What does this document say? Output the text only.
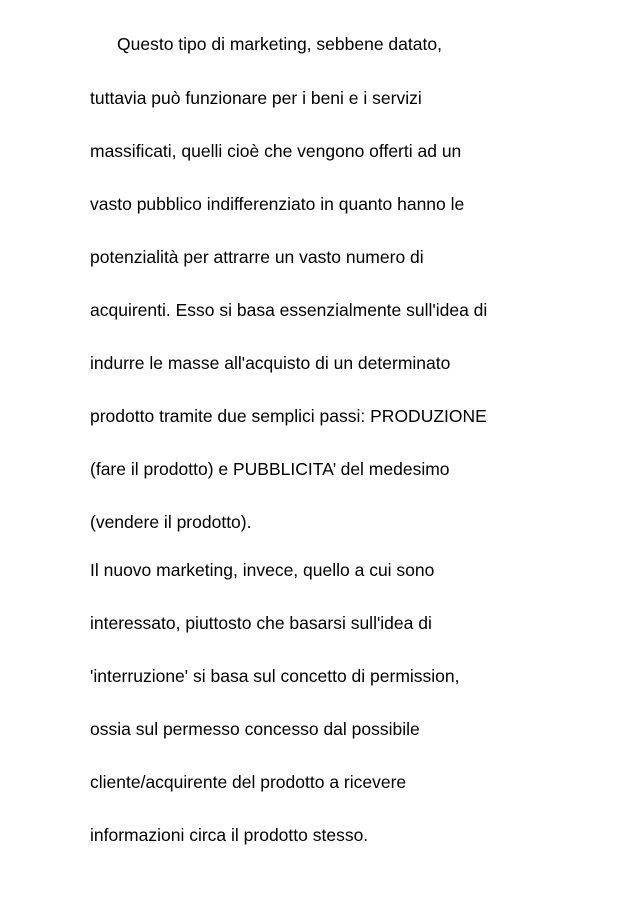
Questo tipo di marketing, sebbene datato,
tuttavia può funzionare per i beni e i servizi
massificati, quelli cioè che vengono offerti ad un
vasto pubblico indifferenziato in quanto hanno le
potenzialità per attrarre un vasto numero di
acquirenti. Esso si basa essenzialmente sull'idea di
indurre le masse all'acquisto di un determinato
prodotto tramite due semplici passi: PRODUZIONE
(fare il prodotto) e PUBBLICITA’ del medesimo
(vendere il prodotto).
Il nuovo marketing, invece, quello a cui sono
interessato, piuttosto che basarsi sull'idea di
'interruzione' si basa sul concetto di permission,
ossia sul permesso concesso dal possibile
cliente/acquirente del prodotto a ricevere
informazioni circa il prodotto stesso.
